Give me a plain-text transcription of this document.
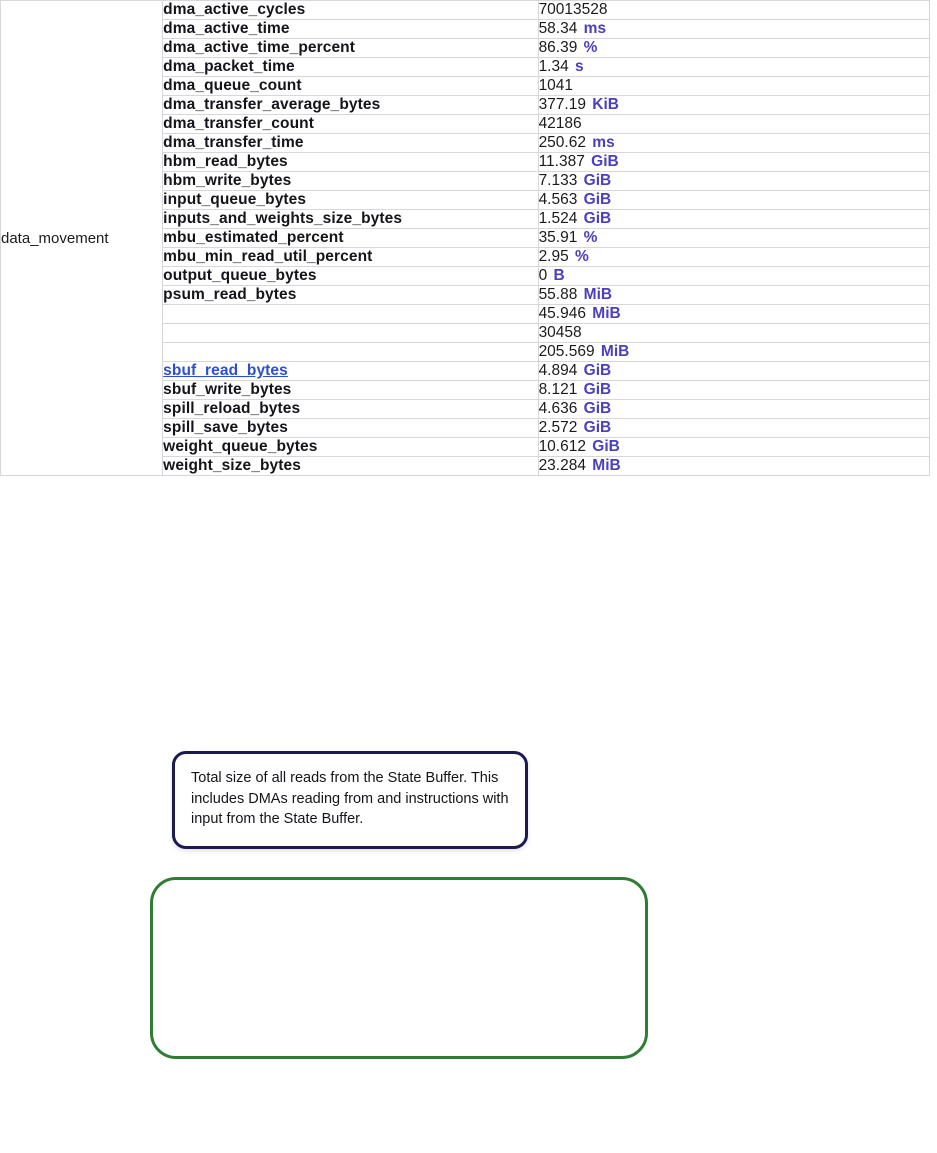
data_movement	dma_active_cycles	70013528
	dma_active_time	58.34 ms
	dma_active_time_percent	86.39 %
	dma_packet_time	1.34 s
	dma_queue_count	1041
	dma_transfer_average_bytes	377.19 KiB
	dma_transfer_count	42186
	dma_transfer_time	250.62 ms
	hbm_read_bytes	11.387 GiB
	hbm_write_bytes	7.133 GiB
	input_queue_bytes	4.563 GiB
	inputs_and_weights_size_bytes	1.524 GiB
	mbu_estimated_percent	35.91 %
	mbu_min_read_util_percent	2.95 %
	output_queue_bytes	0 B
	psum_read_bytes	55.88 MiB
		45.946 MiB
		30458
		205.569 MiB
	sbuf_read_bytes	4.894 GiB
	sbuf_write_bytes	8.121 GiB
	spill_reload_bytes	4.636 GiB
	spill_save_bytes	2.572 GiB
	weight_queue_bytes	10.612 GiB
	weight_size_bytes	23.284 MiB

Total size of all reads from the State Buffer. This includes DMAs reading from and instructions with input from the State Buffer.
